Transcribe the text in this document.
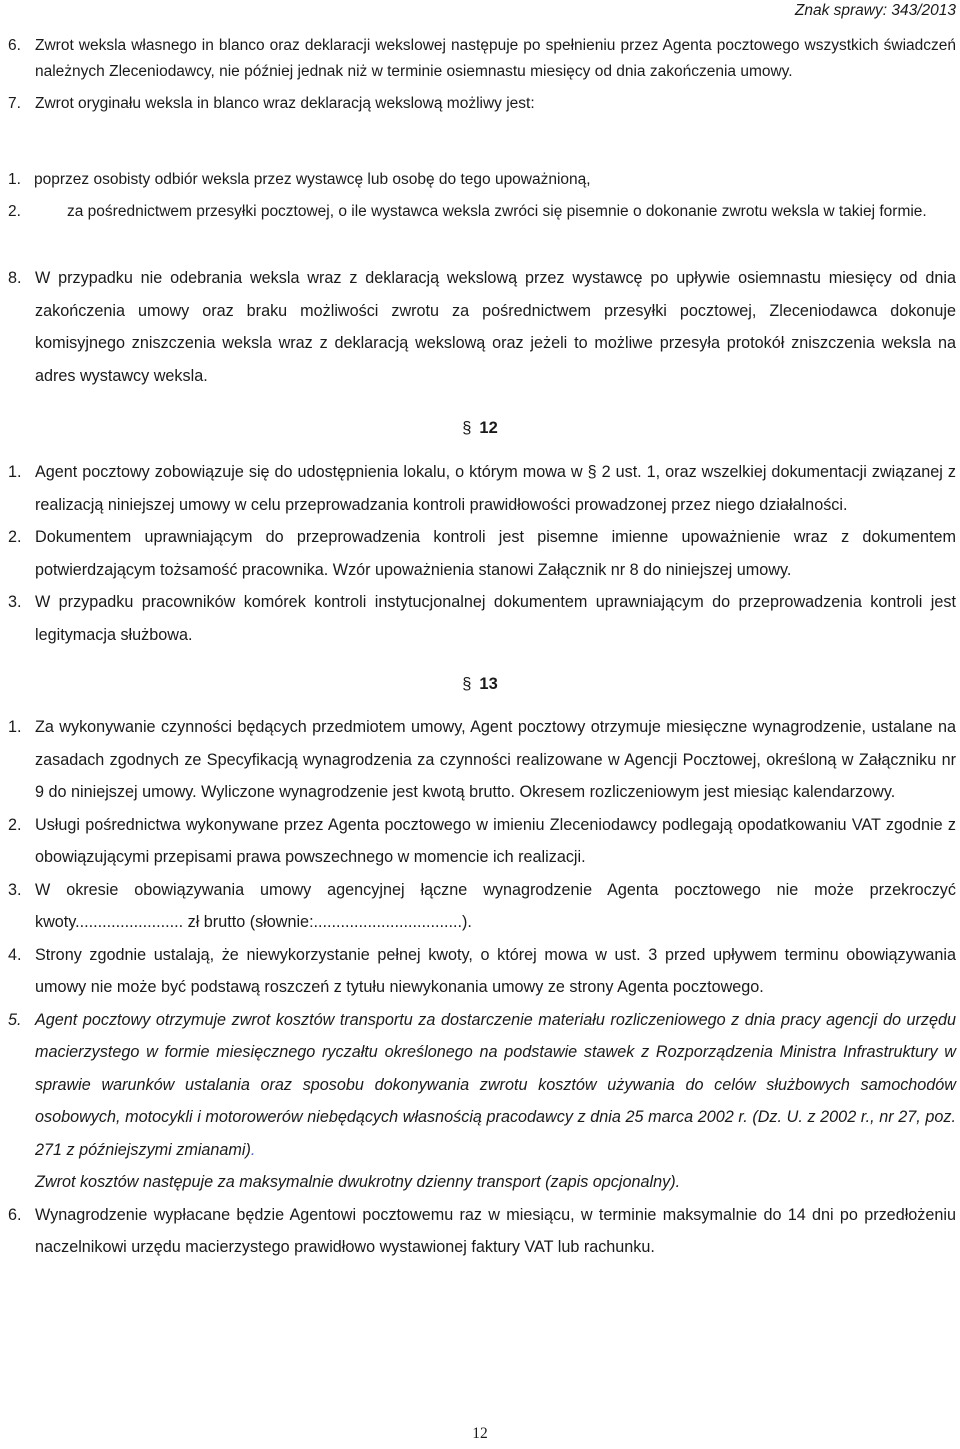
Znak sprawy: 343/2013
6. Zwrot weksla własnego in blanco oraz deklaracji wekslowej następuje po spełnieniu przez Agenta pocztowego wszystkich świadczeń należnych Zleceniodawcy, nie później jednak niż w terminie osiemnastu miesięcy od dnia zakończenia umowy.
7. Zwrot oryginału weksla in blanco wraz deklaracją wekslową możliwy jest:
1. poprzez osobisty odbiór weksla przez wystawcę lub osobę do tego upoważnioną,
2.	za pośrednictwem przesyłki pocztowej, o ile wystawca weksla zwróci się pisemnie o dokonanie zwrotu weksla w takiej formie.
8. W przypadku nie odebrania weksla wraz z deklaracją wekslową przez wystawcę po upływie osiemnastu miesięcy od dnia zakończenia umowy oraz braku możliwości zwrotu za pośrednictwem przesyłki pocztowej, Zleceniodawca dokonuje komisyjnego zniszczenia weksla wraz z deklaracją wekslową oraz jeżeli to możliwe przesyła protokół zniszczenia weksla na adres wystawcy weksla.
§ 12
1. Agent pocztowy zobowiązuje się do udostępnienia lokalu, o którym mowa w § 2 ust. 1, oraz wszelkiej dokumentacji związanej z realizacją niniejszej umowy w celu przeprowadzania kontroli prawidłowości prowadzonej przez niego działalności.
2. Dokumentem uprawniającym do przeprowadzenia kontroli jest pisemne imienne upoważnienie wraz z dokumentem potwierdzającym tożsamość pracownika. Wzór upoważnienia stanowi Załącznik nr 8 do niniejszej umowy.
3. W przypadku pracowników komórek kontroli instytucjonalnej dokumentem uprawniającym do przeprowadzenia kontroli jest legitymacja służbowa.
§ 13
1. Za wykonywanie czynności będących przedmiotem umowy, Agent pocztowy otrzymuje miesięczne wynagrodzenie, ustalane na zasadach zgodnych ze Specyfikacją wynagrodzenia za czynności realizowane w Agencji Pocztowej, określoną w Załączniku nr 9 do niniejszej umowy. Wyliczone wynagrodzenie jest kwotą brutto. Okresem rozliczeniowym jest miesiąc kalendarzowy.
2. Usługi pośrednictwa wykonywane przez Agenta pocztowego w imieniu Zleceniodawcy podlegają opodatkowaniu VAT zgodnie z obowiązującymi przepisami prawa powszechnego w momencie ich realizacji.
3. W okresie obowiązywania umowy agencyjnej łączne wynagrodzenie Agenta pocztowego nie może przekroczyć kwoty........................ zł brutto (słownie:.................................).
4. Strony zgodnie ustalają, że niewykorzystanie pełnej kwoty, o której mowa w ust. 3 przed upływem terminu obowiązywania umowy nie może być podstawą roszczeń z tytułu niewykonania umowy ze strony Agenta pocztowego.
5. Agent pocztowy otrzymuje zwrot kosztów transportu za dostarczenie materiału rozliczeniowego z dnia pracy agencji do urzędu macierzystego w formie miesięcznego ryczałtu określonego na podstawie stawek z Rozporządzenia Ministra Infrastruktury w sprawie warunków ustalania oraz sposobu dokonywania zwrotu kosztów używania do celów służbowych samochodów osobowych, motocykli i motorowerów niebędących własnością pracodawcy z dnia 25 marca 2002 r. (Dz. U. z 2002 r., nr 27, poz. 271 z późniejszymi zmianami).
Zwrot kosztów następuje za maksymalnie dwukrotny dzienny transport (zapis opcjonalny).
6. Wynagrodzenie wypłacane będzie Agentowi pocztowemu raz w miesiącu, w terminie maksymalnie do 14 dni po przedłożeniu naczelnikowi urzędu macierzystego prawidłowo wystawionej faktury VAT lub rachunku.
12
